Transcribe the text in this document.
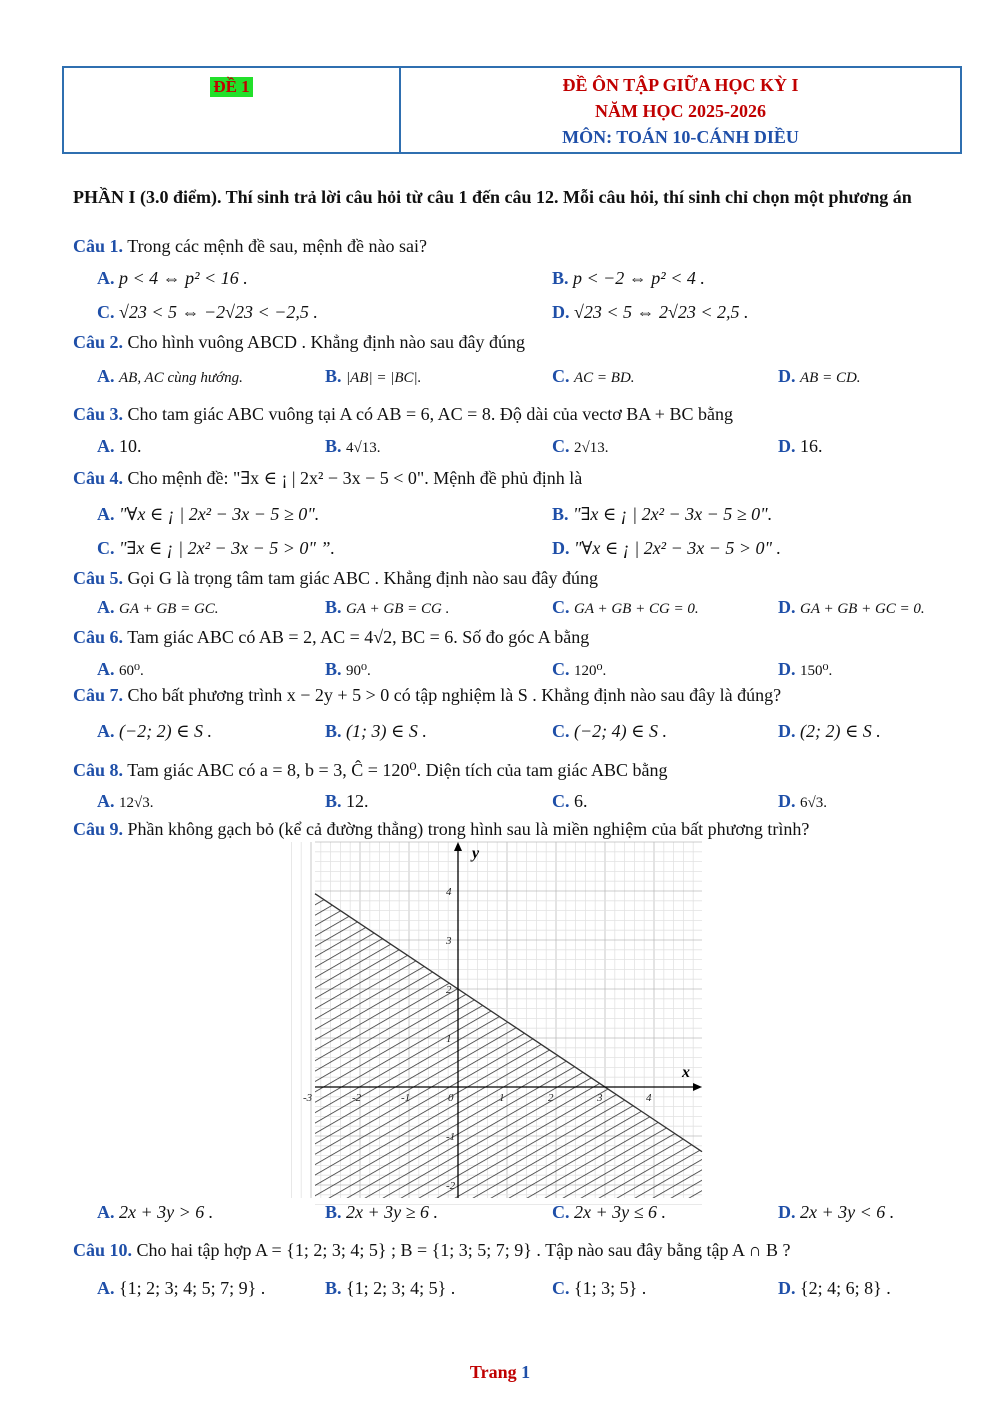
ĐỀ 1	ĐỀ ÔN TẬP GIỮA HỌC KỲ I
NĂM HỌC 2025-2026
MÔN: TOÁN 10-CÁNH DIỀU
PHẦN I (3.0 điểm). Thí sinh trả lời câu hỏi từ câu 1 đến câu 12. Mỗi câu hỏi, thí sinh chỉ chọn một phương án
Câu 1. Trong các mệnh đề sau, mệnh đề nào sai?
A. p < 4 ⇔ p² < 16 .	B. p < −2 ⇔ p² < 4 .
C. √23 < 5 ⇔ −2√23 < −2,5 .	D. √23 < 5 ⇔ 2√23 < 2,5 .
Câu 2. Cho hình vuông ABCD . Khẳng định nào sau đây đúng
A. AB, AC cùng hướng.	B. |AB| = |BC|.	C. AC = BD.	D. AB = CD.
Câu 3. Cho tam giác ABC vuông tại A có AB = 6, AC = 8. Độ dài của vectơ BA + BC bằng
A. 10.	B. 4√13.	C. 2√13.	D. 16.
Câu 4. Cho mệnh đề: "∃x ∈ ¡ | 2x² − 3x − 5 < 0". Mệnh đề phủ định là
A. "∀x ∈ ¡ | 2x² − 3x − 5 ≥ 0".	B. "∃x ∈ ¡ | 2x² − 3x − 5 ≥ 0".
C. "∃x ∈ ¡ | 2x² − 3x − 5 > 0" ”.	D. "∀x ∈ ¡ | 2x² − 3x − 5 > 0" .
Câu 5. Gọi G là trọng tâm tam giác ABC . Khẳng định nào sau đây đúng
A. GA + GB = GC.	B. GA + GB = CG .	C. GA + GB + CG = 0.	D. GA + GB + GC = 0.
Câu 6. Tam giác ABC có AB = 2, AC = 4√2, BC = 6. Số đo góc A bằng
A. 60⁰.	B. 90⁰.	C. 120⁰.	D. 150⁰.
Câu 7. Cho bất phương trình x − 2y + 5 > 0 có tập nghiệm là S . Khẳng định nào sau đây là đúng?
A. (−2; 2) ∈ S .	B. (1; 3) ∈ S .	C. (−2; 4) ∈ S .	D. (2; 2) ∈ S .
Câu 8. Tam giác ABC có a = 8, b = 3, Ĉ = 120⁰. Diện tích của tam giác ABC bằng
A. 12√3.	B. 12.	C. 6.	D. 6√3.
Câu 9. Phần không gạch bỏ (kể cả đường thẳng) trong hình sau là miền nghiệm của bất phương trình?
x
y
-3	-2	-1	0	1	2	3	4
4
3
2
1
-1
-2
A. 2x + 3y > 6 .	B. 2x + 3y ≥ 6 .	C. 2x + 3y ≤ 6 .	D. 2x + 3y < 6 .
Câu 10. Cho hai tập hợp A = {1; 2; 3; 4; 5} ; B = {1; 3; 5; 7; 9} . Tập nào sau đây bằng tập A ∩ B ?
A. {1; 2; 3; 4; 5; 7; 9} .	B. {1; 2; 3; 4; 5} .	C. {1; 3; 5} .	D. {2; 4; 6; 8} .
Trang 1
